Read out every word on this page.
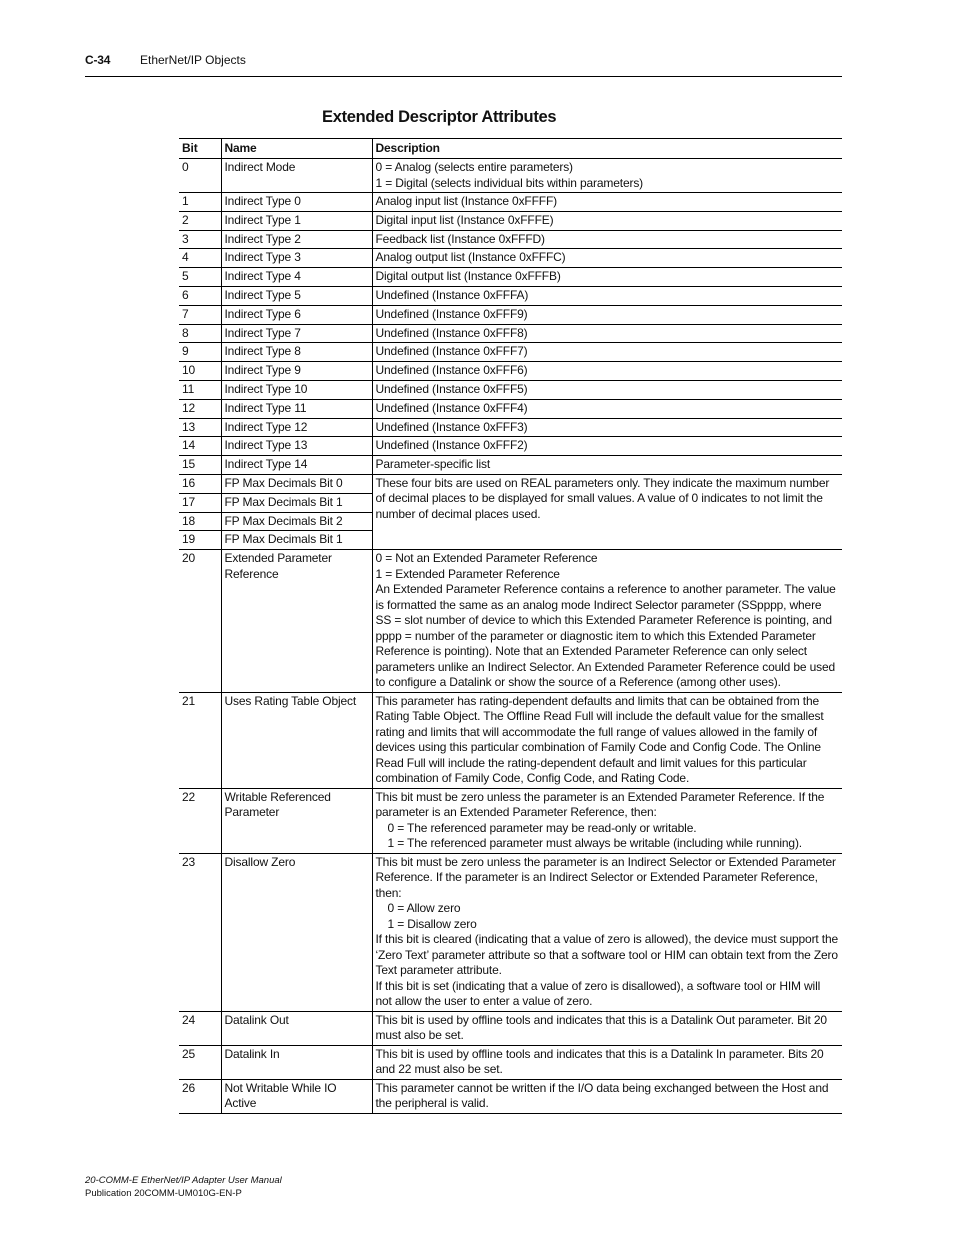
C-34 EtherNet/IP Objects
Extended Descriptor Attributes
Bit	Name	Description
0	Indirect Mode	0 = Analog (selects entire parameters)
1 = Digital (selects individual bits within parameters)

1	Indirect Type 0	Analog input list (Instance 0xFFFF)

2	Indirect Type 1	Digital input list (Instance 0xFFFE)

3	Indirect Type 2	Feedback list (Instance 0xFFFD)

4	Indirect Type 3	Analog output list (Instance 0xFFFC)

5	Indirect Type 4	Digital output list (Instance 0xFFFB)

6	Indirect Type 5	Undefined (Instance 0xFFFA)

7	Indirect Type 6	Undefined (Instance 0xFFF9)

8	Indirect Type 7	Undefined (Instance 0xFFF8)

9	Indirect Type 8	Undefined (Instance 0xFFF7)

10	Indirect Type 9	Undefined (Instance 0xFFF6)

11	Indirect Type 10	Undefined (Instance 0xFFF5)

12	Indirect Type 11	Undefined (Instance 0xFFF4)

13	Indirect Type 12	Undefined (Instance 0xFFF3)

14	Indirect Type 13	Undefined (Instance 0xFFF2)

15	Indirect Type 14	Parameter-specific list

16	FP Max Decimals Bit 0	These four bits are used on REAL parameters only. They indicate the maximum number of decimal places to be displayed for small values. A value of 0 indicates to not limit the number of decimal places used.

17	FP Max Decimals Bit 1	
18	FP Max Decimals Bit 2	
19	FP Max Decimals Bit 1	
20	Extended Parameter Reference	0 = Not an Extended Parameter Reference
1 = Extended Parameter Reference
An Extended Parameter Reference contains a reference to another parameter. The value is formatted the same as an analog mode Indirect Selector parameter (SSpppp, where SS = slot number of device to which this Extended Parameter Reference is pointing, and pppp = number of the parameter or diagnostic item to which this Extended Parameter Reference is pointing). Note that an Extended Parameter Reference can only select parameters unlike an Indirect Selector. An Extended Parameter Reference could be used to configure a Datalink or show the source of a Reference (among other uses).

21	Uses Rating Table Object	This parameter has rating-dependent defaults and limits that can be obtained from the Rating Table Object. The Offline Read Full will include the default value for the smallest rating and limits that will accommodate the full range of values allowed in the family of devices using this particular combination of Family Code and Config Code. The Online Read Full will include the rating-dependent default and limit values for this particular combination of Family Code, Config Code, and Rating Code.

22	Writable Referenced Parameter	This bit must be zero unless the parameter is an Extended Parameter Reference. If the parameter is an Extended Parameter Reference, then:
0 = The referenced parameter may be read-only or writable.
1 = The referenced parameter must always be writable (including while running).

23	Disallow Zero	This bit must be zero unless the parameter is an Indirect Selector or Extended Parameter Reference. If the parameter is an Indirect Selector or Extended Parameter Reference, then:
0 = Allow zero
1 = Disallow zero
If this bit is cleared (indicating that a value of zero is allowed), the device must support the ‘Zero Text’ parameter attribute so that a software tool or HIM can obtain text from the Zero Text parameter attribute.
If this bit is set (indicating that a value of zero is disallowed), a software tool or HIM will not allow the user to enter a value of zero.

24	Datalink Out	This bit is used by offline tools and indicates that this is a Datalink Out parameter. Bit 20 must also be set.

25	Datalink In	This bit is used by offline tools and indicates that this is a Datalink In parameter. Bits 20 and 22 must also be set.

26	Not Writable While IO Active	This parameter cannot be written if the I/O data being exchanged between the Host and the peripheral is valid.
20-COMM-E EtherNet/IP Adapter User Manual
Publication 20COMM-UM010G-EN-P
